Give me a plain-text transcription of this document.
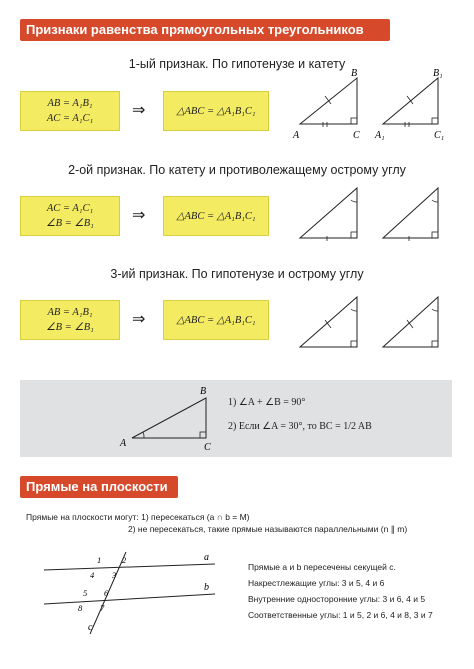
Признаки равенства прямоугольных треугольников
1-ый признак. По гипотенузе и катету
AB = A₁B₁
AC = A₁C₁ ⇒	△ABC = △A₁B₁C₁
A
B
C A₁
B₁
C₁
2-ой признак. По катету и противолежащему острому углу
AC = A₁C₁
∠B = ∠B₁ ⇒	△ABC = △A₁B₁C₁
3-ий признак. По гипотенузе и острому углу
AB = A₁B₁
∠B = ∠B₁ ⇒	△ABC = △A₁B₁C₁
A
B
C
1) ∠A + ∠B = 90°
2) Если ∠A = 30°, то BC = 1/2 AB
Прямые на плоскости
Прямые на плоскости могут: 1) пересекаться (a ∩ b = M)
2) не пересекаться, такие прямые называются параллельными (n ∥ m)
1 2
3
4
5 6
7
8
a
b
c
Прямые a и b пересечены секущей c.
Накрестлежащие углы: 3 и 5, 4 и 6
Внутренние односторонние углы: 3 и 6, 4 и 5
Соответственные углы: 1 и 5, 2 и 6, 4 и 8, 3 и 7
